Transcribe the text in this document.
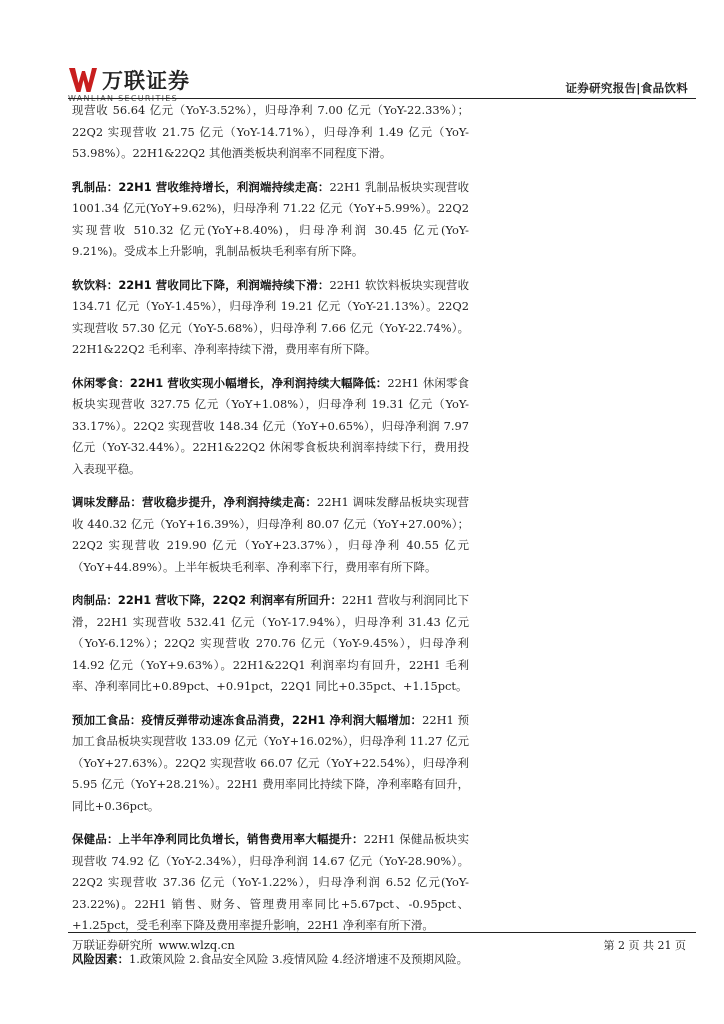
万联证券
WANLIAN SECURITIES
证券研究报告|食品饮料

现营收 56.64 亿元（YoY-3.52%），归母净利 7.00 亿元（YoY-22.33%）；22Q2 实现营收 21.75 亿元（YoY-14.71%），归母净利 1.49 亿元（YoY-53.98%）。22H1&22Q2 其他酒类板块利润率不同程度下滑。

乳制品：22H1 营收维持增长，利润端持续走高：22H1 乳制品板块实现营收 1001.34 亿元(YoY+9.62%)，归母净利 71.22 亿元（YoY+5.99%）。22Q2 实现营收 510.32 亿元(YoY+8.40%)，归母净利润 30.45 亿元(YoY-9.21%)。受成本上升影响，乳制品板块毛利率有所下降。

软饮料：22H1 营收同比下降，利润端持续下滑：22H1 软饮料板块实现营收 134.71 亿元（YoY-1.45%），归母净利 19.21 亿元（YoY-21.13%）。22Q2 实现营收 57.30 亿元（YoY-5.68%），归母净利 7.66 亿元（YoY-22.74%）。22H1&22Q2 毛利率、净利率持续下滑，费用率有所下降。

休闲零食：22H1 营收实现小幅增长，净利润持续大幅降低：22H1 休闲零食板块实现营收 327.75 亿元（YoY+1.08%），归母净利 19.31 亿元（YoY-33.17%）。22Q2 实现营收 148.34 亿元（YoY+0.65%），归母净利润 7.97 亿元（YoY-32.44%）。22H1&22Q2 休闲零食板块利润率持续下行，费用投入表现平稳。

调味发酵品：营收稳步提升，净利润持续走高：22H1 调味发酵品板块实现营收 440.32 亿元（YoY+16.39%），归母净利 80.07 亿元（YoY+27.00%）；22Q2 实现营收 219.90 亿元（YoY+23.37%），归母净利 40.55 亿元（YoY+44.89%）。上半年板块毛利率、净利率下行，费用率有所下降。

肉制品：22H1 营收下降，22Q2 利润率有所回升：22H1 营收与利润同比下滑，22H1 实现营收 532.41 亿元（YoY-17.94%），归母净利 31.43 亿元（YoY-6.12%）；22Q2 实现营收 270.76 亿元（YoY-9.45%），归母净利 14.92 亿元（YoY+9.63%）。22H1&22Q1 利润率均有回升，22H1 毛利率、净利率同比+0.89pct、+0.91pct，22Q1 同比+0.35pct、+1.15pct。

预加工食品：疫情反弹带动速冻食品消费，22H1 净利润大幅增加：22H1 预加工食品板块实现营收 133.09 亿元（YoY+16.02%），归母净利 11.27 亿元（YoY+27.63%）。22Q2 实现营收 66.07 亿元（YoY+22.54%），归母净利 5.95 亿元（YoY+28.21%）。22H1 费用率同比持续下降，净利率略有回升，同比+0.36pct。

保健品：上半年净利同比负增长，销售费用率大幅提升：22H1 保健品板块实现营收 74.92 亿（YoY-2.34%），归母净利润 14.67 亿元（YoY-28.90%）。22Q2 实现营收 37.36 亿元（YoY-1.22%），归母净利润 6.52 亿元(YoY-23.22%)。22H1 销售、财务、管理费用率同比+5.67pct、-0.95pct、+1.25pct，受毛利率下降及费用率提升影响，22H1 净利率有所下滑。

风险因素：1.政策风险 2.食品安全风险 3.疫情风险 4.经济增速不及预期风险。

万联证券研究所 www.wlzq.cn	第 2 页 共 21 页
